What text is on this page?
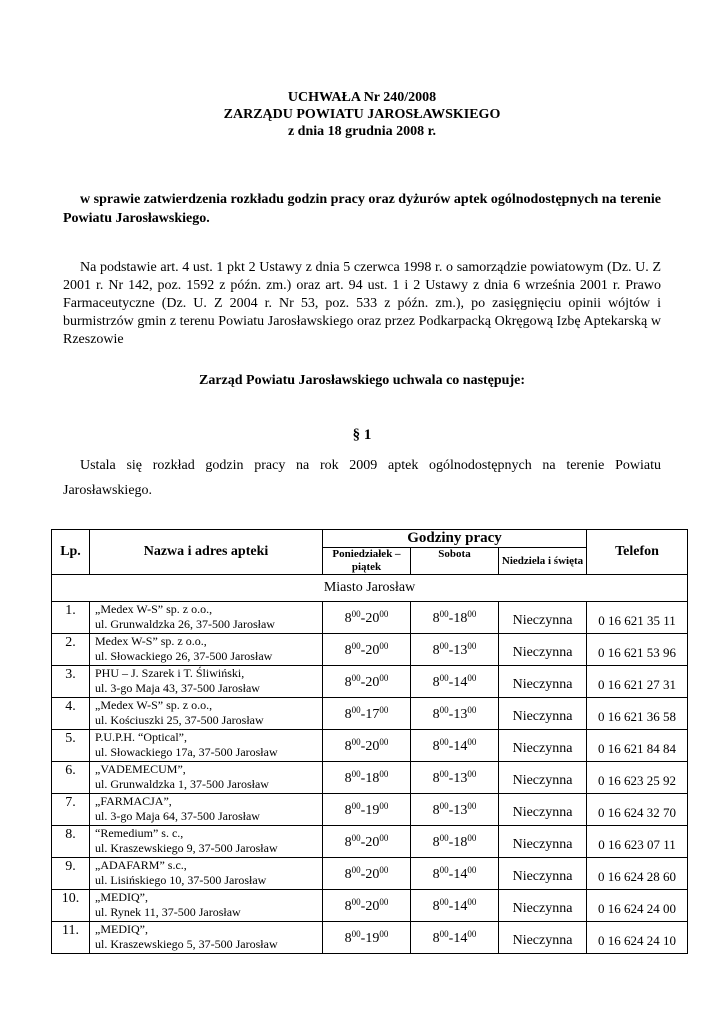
UCHWAŁA Nr 240/2008
ZARZĄDU POWIATU JAROSŁAWSKIEGO
z dnia 18 grudnia 2008 r.

w sprawie zatwierdzenia rozkładu godzin pracy oraz dyżurów aptek ogólnodostępnych na terenie Powiatu Jarosławskiego.

Na podstawie art. 4 ust. 1 pkt 2 Ustawy z dnia 5 czerwca 1998 r. o samorządzie powiatowym (Dz. U. Z 2001 r. Nr 142, poz. 1592 z późn. zm.) oraz art. 94 ust. 1 i 2 Ustawy z dnia 6 września 2001 r. Prawo Farmaceutyczne (Dz. U. Z 2004 r. Nr 53, poz. 533 z późn. zm.), po zasięgnięciu opinii wójtów i burmistrzów gmin z terenu Powiatu Jarosławskiego oraz przez Podkarpacką Okręgową Izbę Aptekarską w Rzeszowie

Zarząd Powiatu Jarosławskiego uchwala co następuje:
§ 1

Ustala się rozkład godzin pracy na rok 2009 aptek ogólnodostępnych na terenie Powiatu Jarosławskiego.

Lp.	Nazwa i adres apteki	Godziny pracy			Telefon
		Poniedziałek – piątek	Sobota	Niedziela i święta	
Miasto Jarosław					
1.	„Medex W-S” sp. z o.o.,
ul. Grunwaldzka 26, 37-500 Jarosław	$8^{00}-20^{00}$	$8^{00}-18^{00}$	Nieczynna	0 16 621 35 11
2.	Medex W-S” sp. z o.o.,
ul. Słowackiego 26, 37-500 Jarosław	$8^{00}-20^{00}$	$8^{00}-13^{00}$	Nieczynna	0 16 621 53 96
3.	PHU – J. Szarek i T. Śliwiński,
ul. 3-go Maja 43, 37-500 Jarosław	$8^{00}-20^{00}$	$8^{00}-14^{00}$	Nieczynna	0 16 621 27 31
4.	„Medex W-S” sp. z o.o.,
ul. Kościuszki 25, 37-500 Jarosław	$8^{00}-17^{00}$	$8^{00}-13^{00}$	Nieczynna	0 16 621 36 58
5.	P.U.P.H. “Optical”,
ul. Słowackiego 17a, 37-500 Jarosław	$8^{00}-20^{00}$	$8^{00}-14^{00}$	Nieczynna	0 16 621 84 84
6.	„VADEMECUM”,
ul. Grunwaldzka 1, 37-500 Jarosław	$8^{00}-18^{00}$	$8^{00}-13^{00}$	Nieczynna	0 16 623 25 92
7.	„FARMACJA”,
ul. 3-go Maja 64, 37-500 Jarosław	$8^{00}-19^{00}$	$8^{00}-13^{00}$	Nieczynna	0 16 624 32 70
8.	“Remedium” s. c.,
ul. Kraszewskiego 9, 37-500 Jarosław	$8^{00}-20^{00}$	$8^{00}-18^{00}$	Nieczynna	0 16 623 07 11
9.	„ADAFARM” s.c.,
ul. Lisińskiego 10, 37-500 Jarosław	$8^{00}-20^{00}$	$8^{00}-14^{00}$	Nieczynna	0 16 624 28 60
10.	„MEDIQ”,
ul. Rynek 11, 37-500 Jarosław	$8^{00}-20^{00}$	$8^{00}-14^{00}$	Nieczynna	0 16 624 24 00
11.	„MEDIQ”,
ul. Kraszewskiego 5, 37-500 Jarosław	$8^{00}-19^{00}$	$8^{00}-14^{00}$	Nieczynna	0 16 624 24 10
